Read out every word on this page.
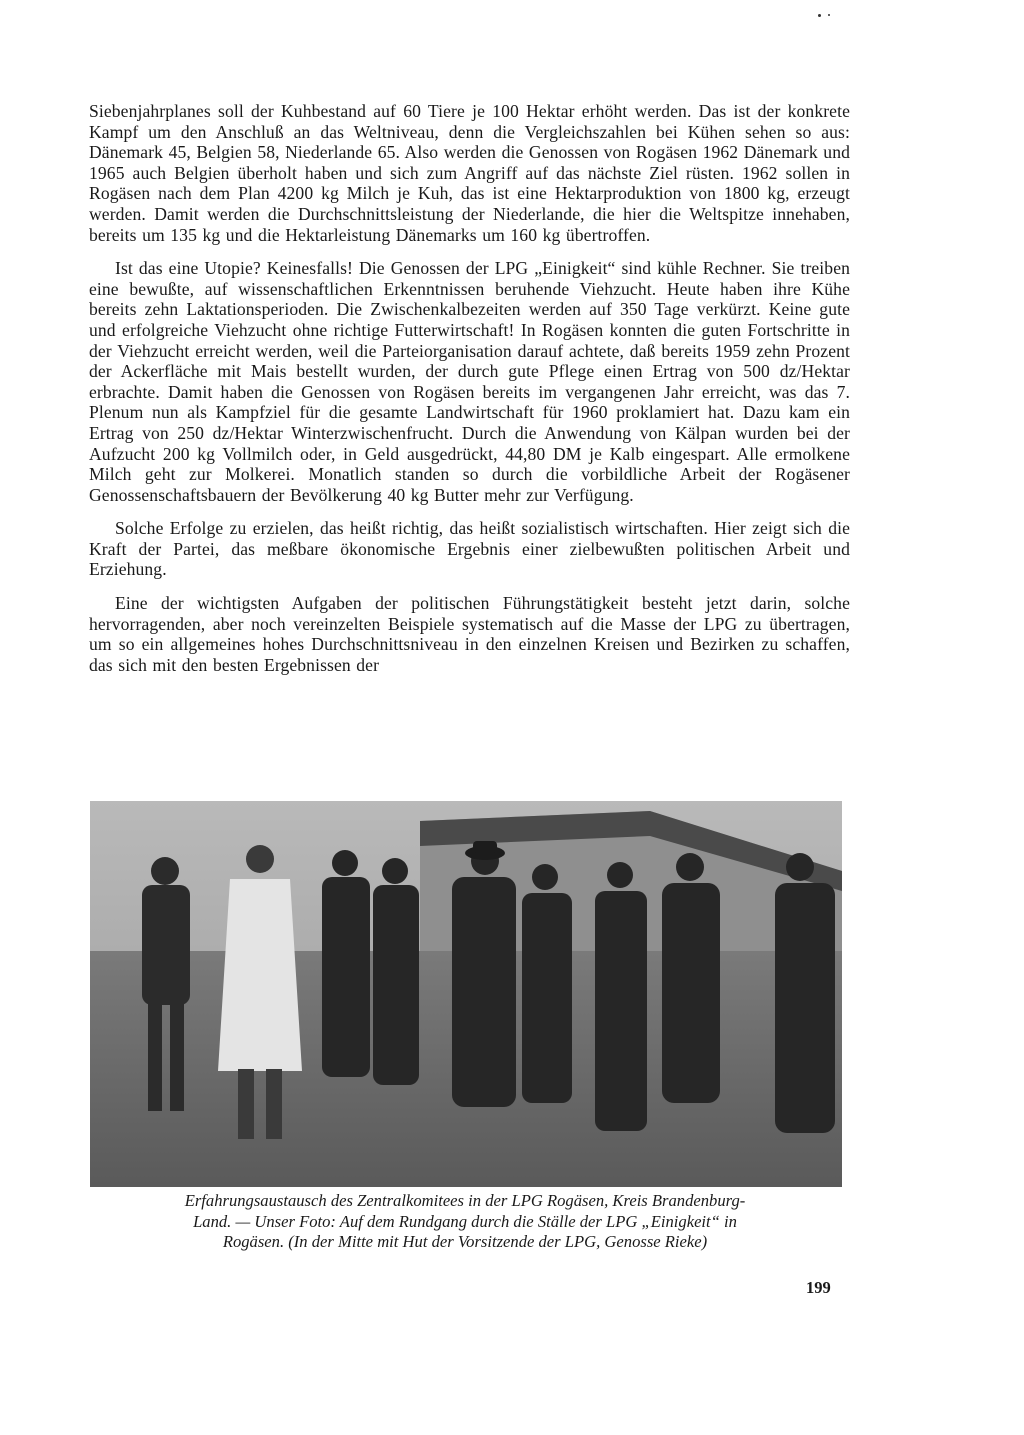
Siebenjahrplanes soll der Kuhbestand auf 60 Tiere je 100 Hektar erhöht werden. Das ist der konkrete Kampf um den Anschluß an das Weltniveau, denn die Vergleichszahlen bei Kühen sehen so aus: Dänemark 45, Belgien 58, Niederlande 65. Also werden die Genossen von Rogäsen 1962 Dänemark und 1965 auch Belgien überholt haben und sich zum Angriff auf das nächste Ziel rüsten. 1962 sollen in Rogäsen nach dem Plan 4200 kg Milch je Kuh, das ist eine Hektarproduktion von 1800 kg, erzeugt werden. Damit werden die Durchschnittsleistung der Niederlande, die hier die Weltspitze innehaben, bereits um 135 kg und die Hektarleistung Dänemarks um 160 kg übertroffen.

Ist das eine Utopie? Keinesfalls! Die Genossen der LPG „Einigkeit“ sind kühle Rechner. Sie treiben eine bewußte, auf wissenschaftlichen Erkenntnissen beruhende Viehzucht. Heute haben ihre Kühe bereits zehn Laktationsperioden. Die Zwischenkalbezeiten werden auf 350 Tage verkürzt. Keine gute und erfolgreiche Viehzucht ohne richtige Futterwirtschaft! In Rogäsen konnten die guten Fortschritte in der Viehzucht erreicht werden, weil die Parteiorganisation darauf achtete, daß bereits 1959 zehn Prozent der Ackerfläche mit Mais bestellt wurden, der durch gute Pflege einen Ertrag von 500 dz/Hektar erbrachte. Damit haben die Genossen von Rogäsen bereits im vergangenen Jahr erreicht, was das 7. Plenum nun als Kampfziel für die gesamte Landwirtschaft für 1960 proklamiert hat. Dazu kam ein Ertrag von 250 dz/Hektar Winterzwischenfrucht. Durch die Anwendung von Kälpan wurden bei der Aufzucht 200 kg Vollmilch oder, in Geld ausgedrückt, 44,80 DM je Kalb eingespart. Alle ermolkene Milch geht zur Molkerei. Monatlich standen so durch die vorbildliche Arbeit der Rogäsener Genossenschaftsbauern der Bevölkerung 40 kg Butter mehr zur Verfügung.

Solche Erfolge zu erzielen, das heißt richtig, das heißt sozialistisch wirtschaften. Hier zeigt sich die Kraft der Partei, das meßbare ökonomische Ergebnis einer zielbewußten politischen Arbeit und Erziehung.

Eine der wichtigsten Aufgaben der politischen Führungstätigkeit besteht jetzt darin, solche hervorragenden, aber noch vereinzelten Beispiele systematisch auf die Masse der LPG zu übertragen, um so ein allgemeines hohes Durchschnittsniveau in den einzelnen Kreisen und Bezirken zu schaffen, das sich mit den besten Ergebnissen der

Erfahrungsaustausch des Zentralkomitees in der LPG Rogäsen, Kreis Brandenburg-
Land. — Unser Foto: Auf dem Rundgang durch die Ställe der LPG „Einigkeit“ in
Rogäsen. (In der Mitte mit Hut der Vorsitzende der LPG, Genosse Rieke)

199
